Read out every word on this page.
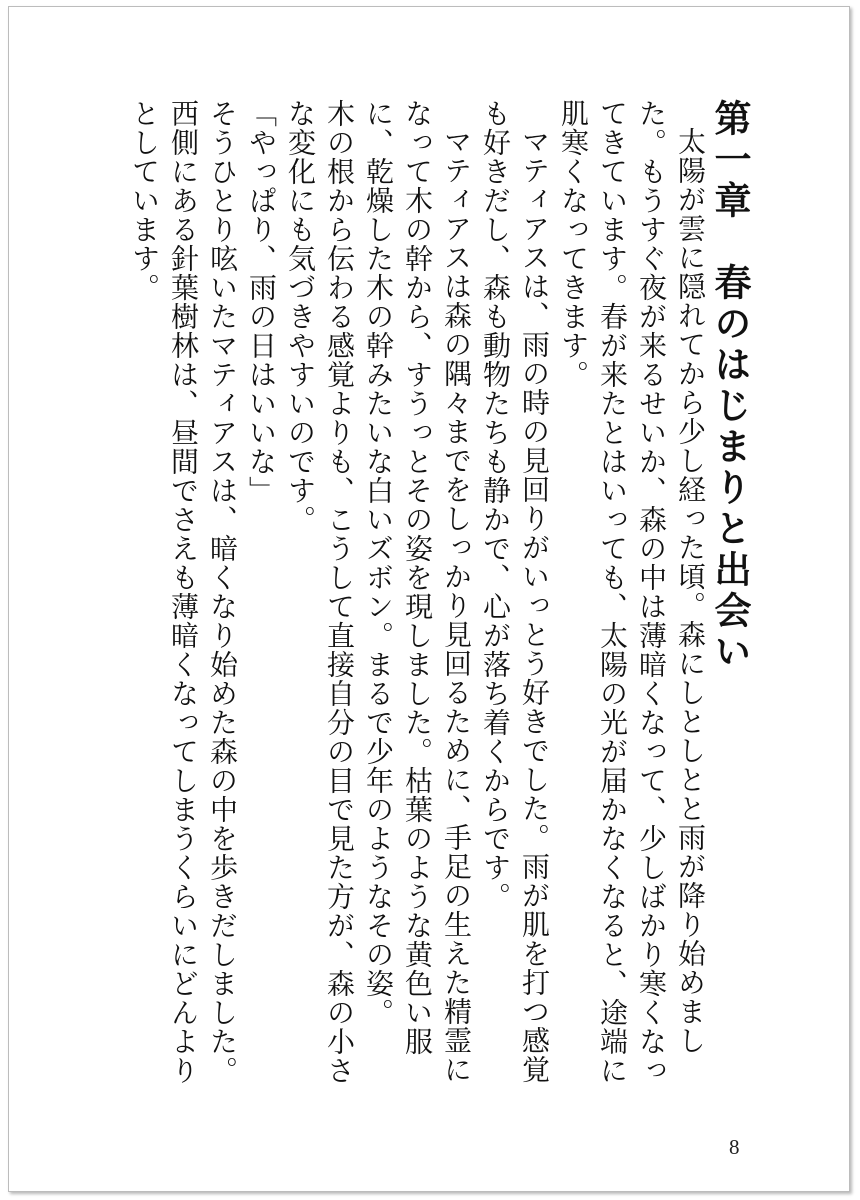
第一章　春のはじまりと出会い

太陽が雲に隠れてから少し経った頃。森にしとしとと雨が降り始めました。もうすぐ夜が来るせいか、森の中は薄暗くなって、少しばかり寒くなってきています。春が来たとはいっても、太陽の光が届かなくなると、途端に肌寒くなってきます。

マティアスは、雨の時の見回りがいっとう好きでした。雨が肌を打つ感覚も好きだし、森も動物たちも静かで、心が落ち着くからです。

マティアスは森の隅々までをしっかり見回るために、手足の生えた精霊になって木の幹から、すうっとその姿を現しました。枯葉のような黄色い服に、乾燥した木の幹みたいな白いズボン。まるで少年のようなその姿。

木の根から伝わる感覚よりも、こうして直接自分の目で見た方が、森の小さな変化にも気づきやすいのです。

「やっぱり、雨の日はいいな」

そうひとり呟いたマティアスは、暗くなり始めた森の中を歩きだしました。

西側にある針葉樹林は、昼間でさえも薄暗くなってしまうくらいにどんよりとしています。

8
